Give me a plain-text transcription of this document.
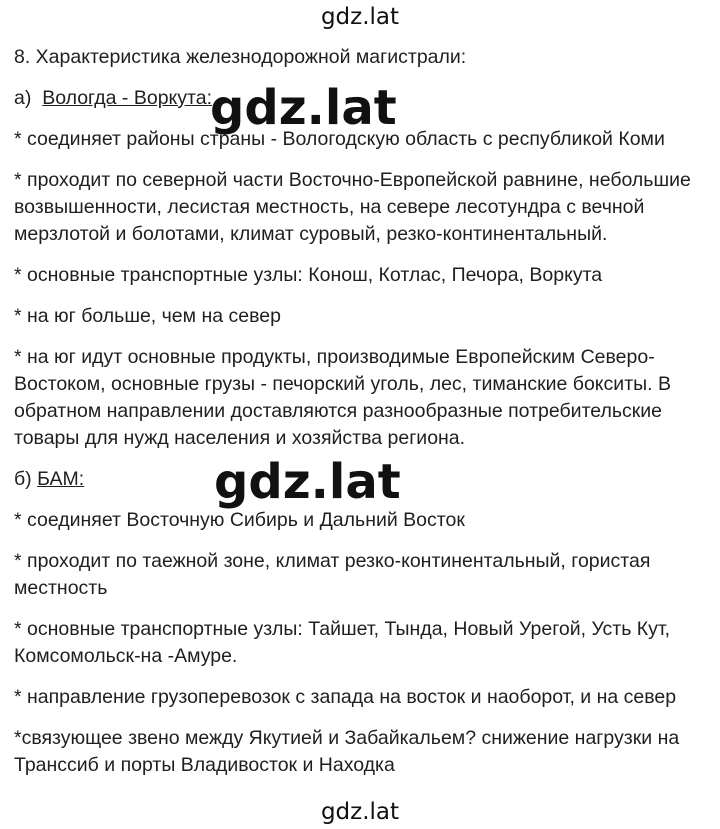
gdz.lat

8. Характеристика железнодорожной магистрали:

а) Вологда - Воркута:

* соединяет районы страны - Вологодскую область с республикой Коми

* проходит по северной части Восточно-Европейской равнине, небольшие возвышенности, лесистая местность, на севере лесотундра с вечной мерзлотой и болотами, климат суровый, резко-континентальный.

* основные транспортные узлы: Конош, Котлас, Печора, Воркута

* на юг больше, чем на север

* на юг идут основные продукты, производимые Европейским Северо-Востоком, основные грузы - печорский уголь, лес, тиманские бокситы. В обратном направлении доставляются разнообразные потребительские товары для нужд населения и хозяйства региона.

б) БАМ:

* соединяет Восточную Сибирь и Дальний Восток

* проходит по таежной зоне, климат резко-континентальный, гористая местность

* основные транспортные узлы: Тайшет, Тында, Новый Урегой, Усть Кут, Комсомольск-на -Амуре.

* направление грузоперевозок с запада на восток и наоборот, и на север

*связующее звено между Якутией и Забайкальем? снижение нагрузки на Транссиб и порты Владивосток и Находка

gdz.lat
gdz.lat
gdz.lat
